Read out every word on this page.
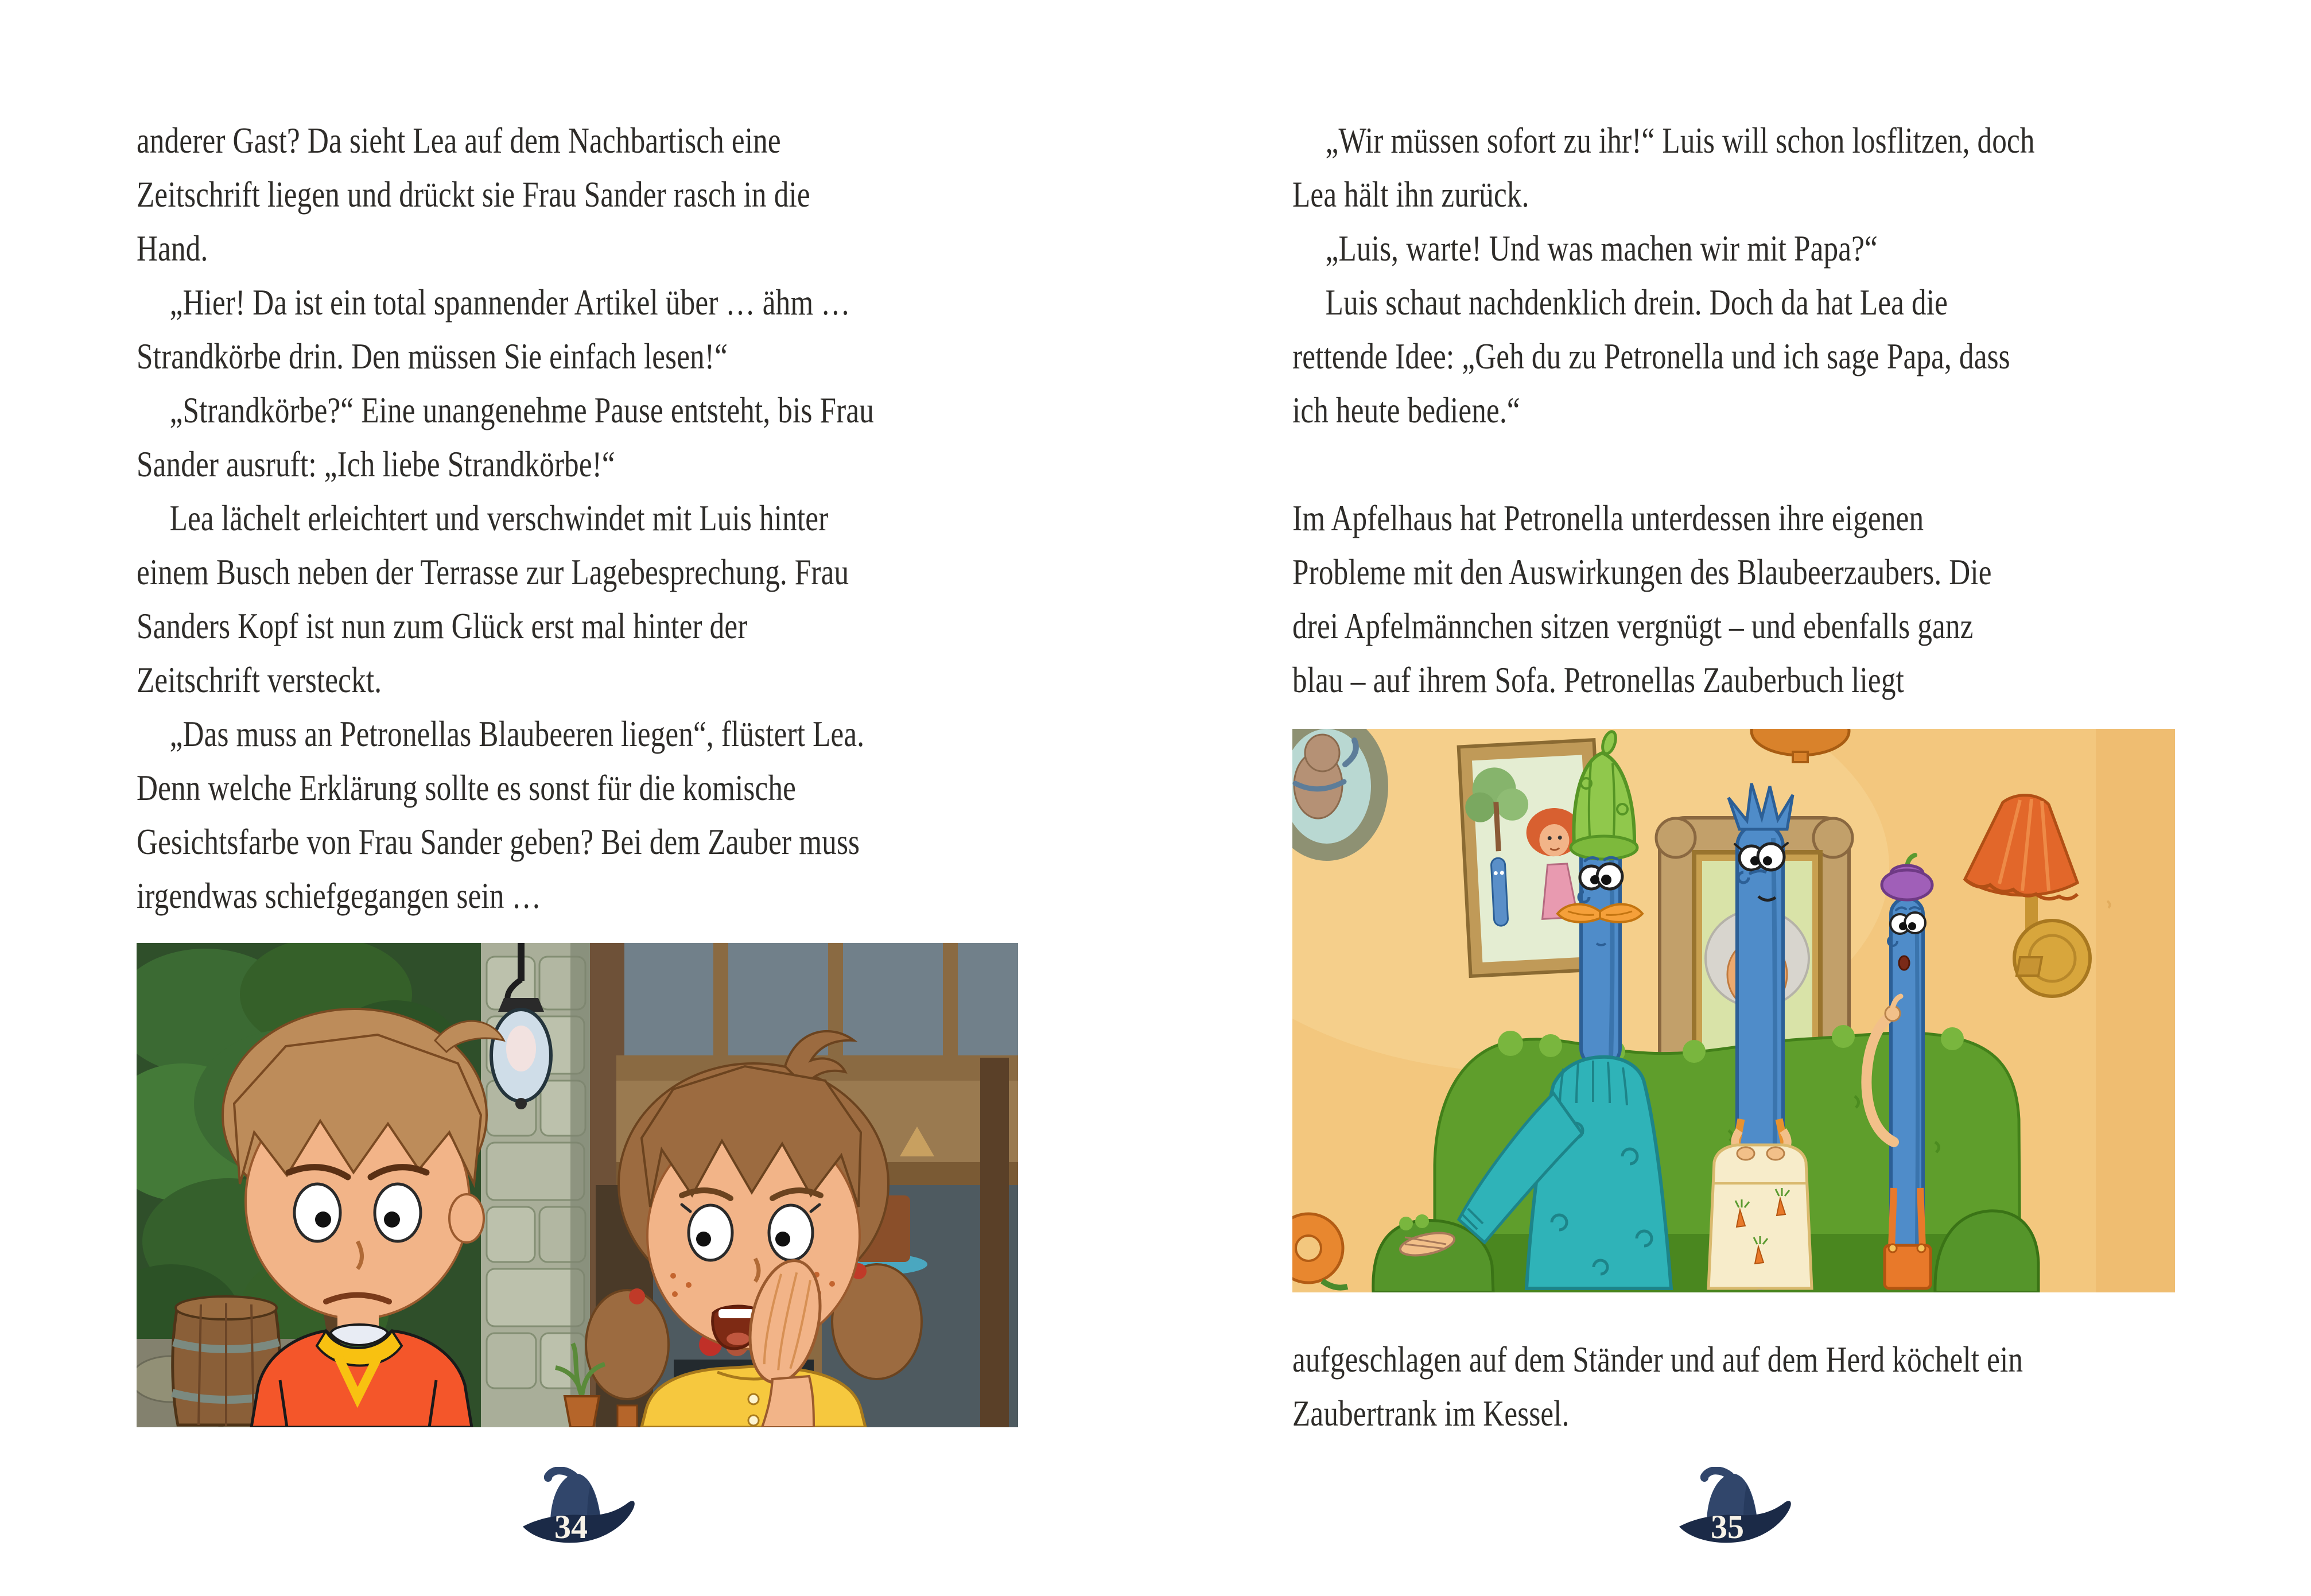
anderer Gast? Da sieht Lea auf dem Nachbartisch eine
Zeitschrift liegen und drückt sie Frau Sander rasch in die
Hand.
„Hier! Da ist ein total spannender Artikel über … ähm …
Strandkörbe drin. Den müssen Sie einfach lesen!“
„Strandkörbe?“ Eine unangenehme Pause entsteht, bis Frau
Sander ausruft: „Ich liebe Strandkörbe!“
Lea lächelt erleichtert und verschwindet mit Luis hinter
einem Busch neben der Terrasse zur Lagebesprechung. Frau
Sanders Kopf ist nun zum Glück erst mal hinter der
Zeitschrift versteckt.
„Das muss an Petronellas Blaubeeren liegen“, flüstert Lea.
Denn welche Erklärung sollte es sonst für die komische
Gesichtsfarbe von Frau Sander geben? Bei dem Zauber muss
irgendwas schiefgegangen sein …
34
„Wir müssen sofort zu ihr!“ Luis will schon losflitzen, doch
Lea hält ihn zurück.
„Luis, warte! Und was machen wir mit Papa?“
Luis schaut nachdenklich drein. Doch da hat Lea die
rettende Idee: „Geh du zu Petronella und ich sage Papa, dass
ich heute bediene.“
Im Apfelhaus hat Petronella unterdessen ihre eigenen
Probleme mit den Auswirkungen des Blaubeerzaubers. Die
drei Apfelmännchen sitzen vergnügt – und ebenfalls ganz
blau – auf ihrem Sofa. Petronellas Zauberbuch liegt
aufgeschlagen auf dem Ständer und auf dem Herd köchelt ein
Zaubertrank im Kessel.
35
